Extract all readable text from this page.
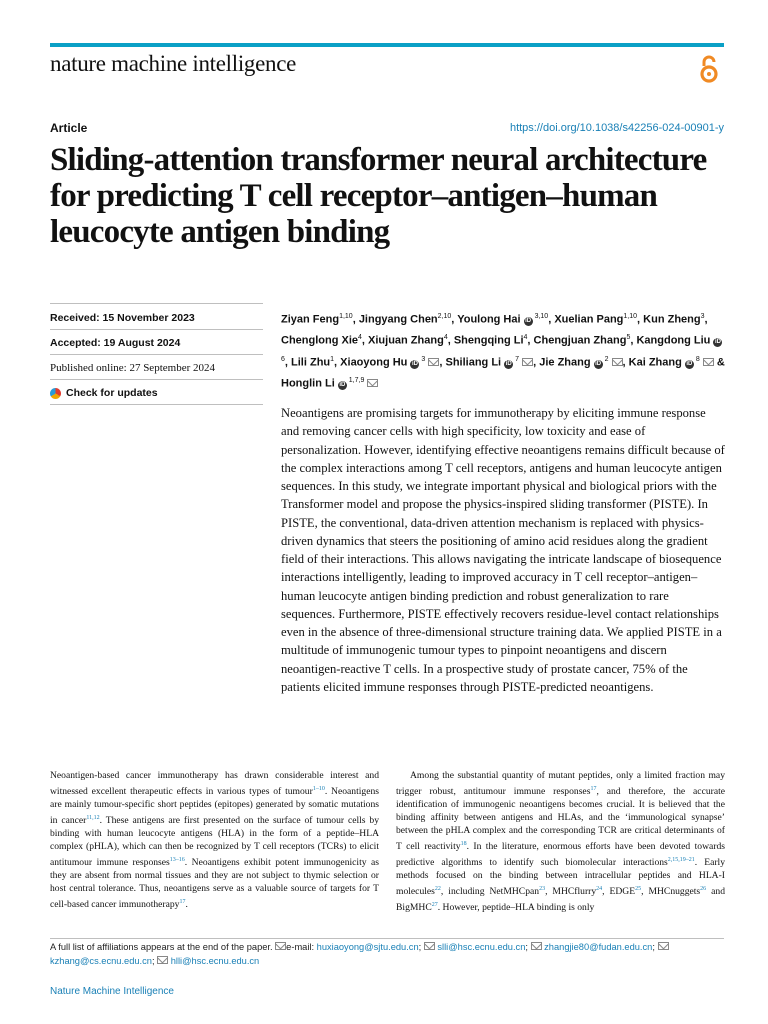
nature machine intelligence
Article	https://doi.org/10.1038/s42256-024-00901-y
Sliding-attention transformer neural architecture for predicting T cell receptor–antigen–human leucocyte antigen binding
Received: 15 November 2023
Accepted: 19 August 2024
Published online: 27 September 2024
Check for updates
Ziyan Feng$^{1,10}$, Jingyang Chen$^{2,10}$, Youlong Hai iD $^{3,10}$, Xuelian Pang$^{1,10}$, Kun Zheng$^3$, Chenglong Xie$^4$, Xiujuan Zhang$^4$, Shengqing Li$^4$, Chengjuan Zhang$^5$, Kangdong Liu iD $^6$, Lili Zhu$^1$, Xiaoyong Hu iD $^3$ , Shiliang Li iD $^7$ , Jie Zhang iD $^2$ , Kai Zhang iD $^8$  & Honglin Li iD $^{1,7,9}$
Neoantigens are promising targets for immunotherapy by eliciting immune response and removing cancer cells with high specificity, low toxicity and ease of personalization. However, identifying effective neoantigens remains difficult because of the complex interactions among T cell receptors, antigens and human leucocyte antigen sequences. In this study, we integrate important physical and biological priors with the Transformer model and propose the physics-inspired sliding transformer (PISTE). In PISTE, the conventional, data-driven attention mechanism is replaced with physics-driven dynamics that steers the positioning of amino acid residues along the gradient field of their interactions. This allows navigating the intricate landscape of biosequence interactions intelligently, leading to improved accuracy in T cell receptor–antigen–human leucocyte antigen binding prediction and robust generalization to rare sequences. Furthermore, PISTE effectively recovers residue-level contact relationships even in the absence of three-dimensional structure training data. We applied PISTE in a multitude of immunogenic tumour types to pinpoint neoantigens and discern neoantigen-reactive T cells. In a prospective study of prostate cancer, 75% of the patients elicited immune responses through PISTE-predicted neoantigens.
Neoantigen-based cancer immunotherapy has drawn considerable interest and witnessed excellent therapeutic effects in various types of tumour$^{1-10}$. Neoantigens are mainly tumour-specific short peptides (epitopes) generated by somatic mutations in cancer$^{11,12}$. These antigens are first presented on the surface of tumour cells by binding with human leucocyte antigens (HLA) in the form of a peptide–HLA complex (pHLA), which can then be recognized by T cell receptors (TCRs) to elicit antitumour immune responses$^{13-16}$. Neoantigens exhibit potent immunogenicity as they are absent from normal tissues and they are not subject to thymic selection or host central tolerance. Thus, neoantigens serve as a valuable source of targets for T cell-based cancer immunotherapy$^{17}$.

Among the substantial quantity of mutant peptides, only a limited fraction may trigger robust, antitumour immune responses$^{17}$, and therefore, the accurate identification of immunogenic neoantigens becomes crucial. It is believed that the binding affinity between antigens and HLAs, and the ‘immunological synapse’ between the pHLA complex and the corresponding TCR are critical determinants of T cell reactivity$^{18}$. In the literature, enormous efforts have been devoted towards predictive algorithms to identify such biomolecular interactions$^{2,15,19-21}$. Early methods focused on the binding between intracellular peptides and HLA-I molecules$^{22}$, including NetMHCpan$^{23}$, MHCflurry$^{24}$, EDGE$^{25}$, MHCnuggets$^{26}$ and BigMHC$^{27}$. However, peptide–HLA binding is only

A full list of affiliations appears at the end of the paper. e-mail: huxiaoyong@sjtu.edu.cn;  slli@hsc.ecnu.edu.cn;  zhangjie80@fudan.edu.cn;  kzhang@cs.ecnu.edu.cn;  hlli@hsc.ecnu.edu.cn
Nature Machine Intelligence
